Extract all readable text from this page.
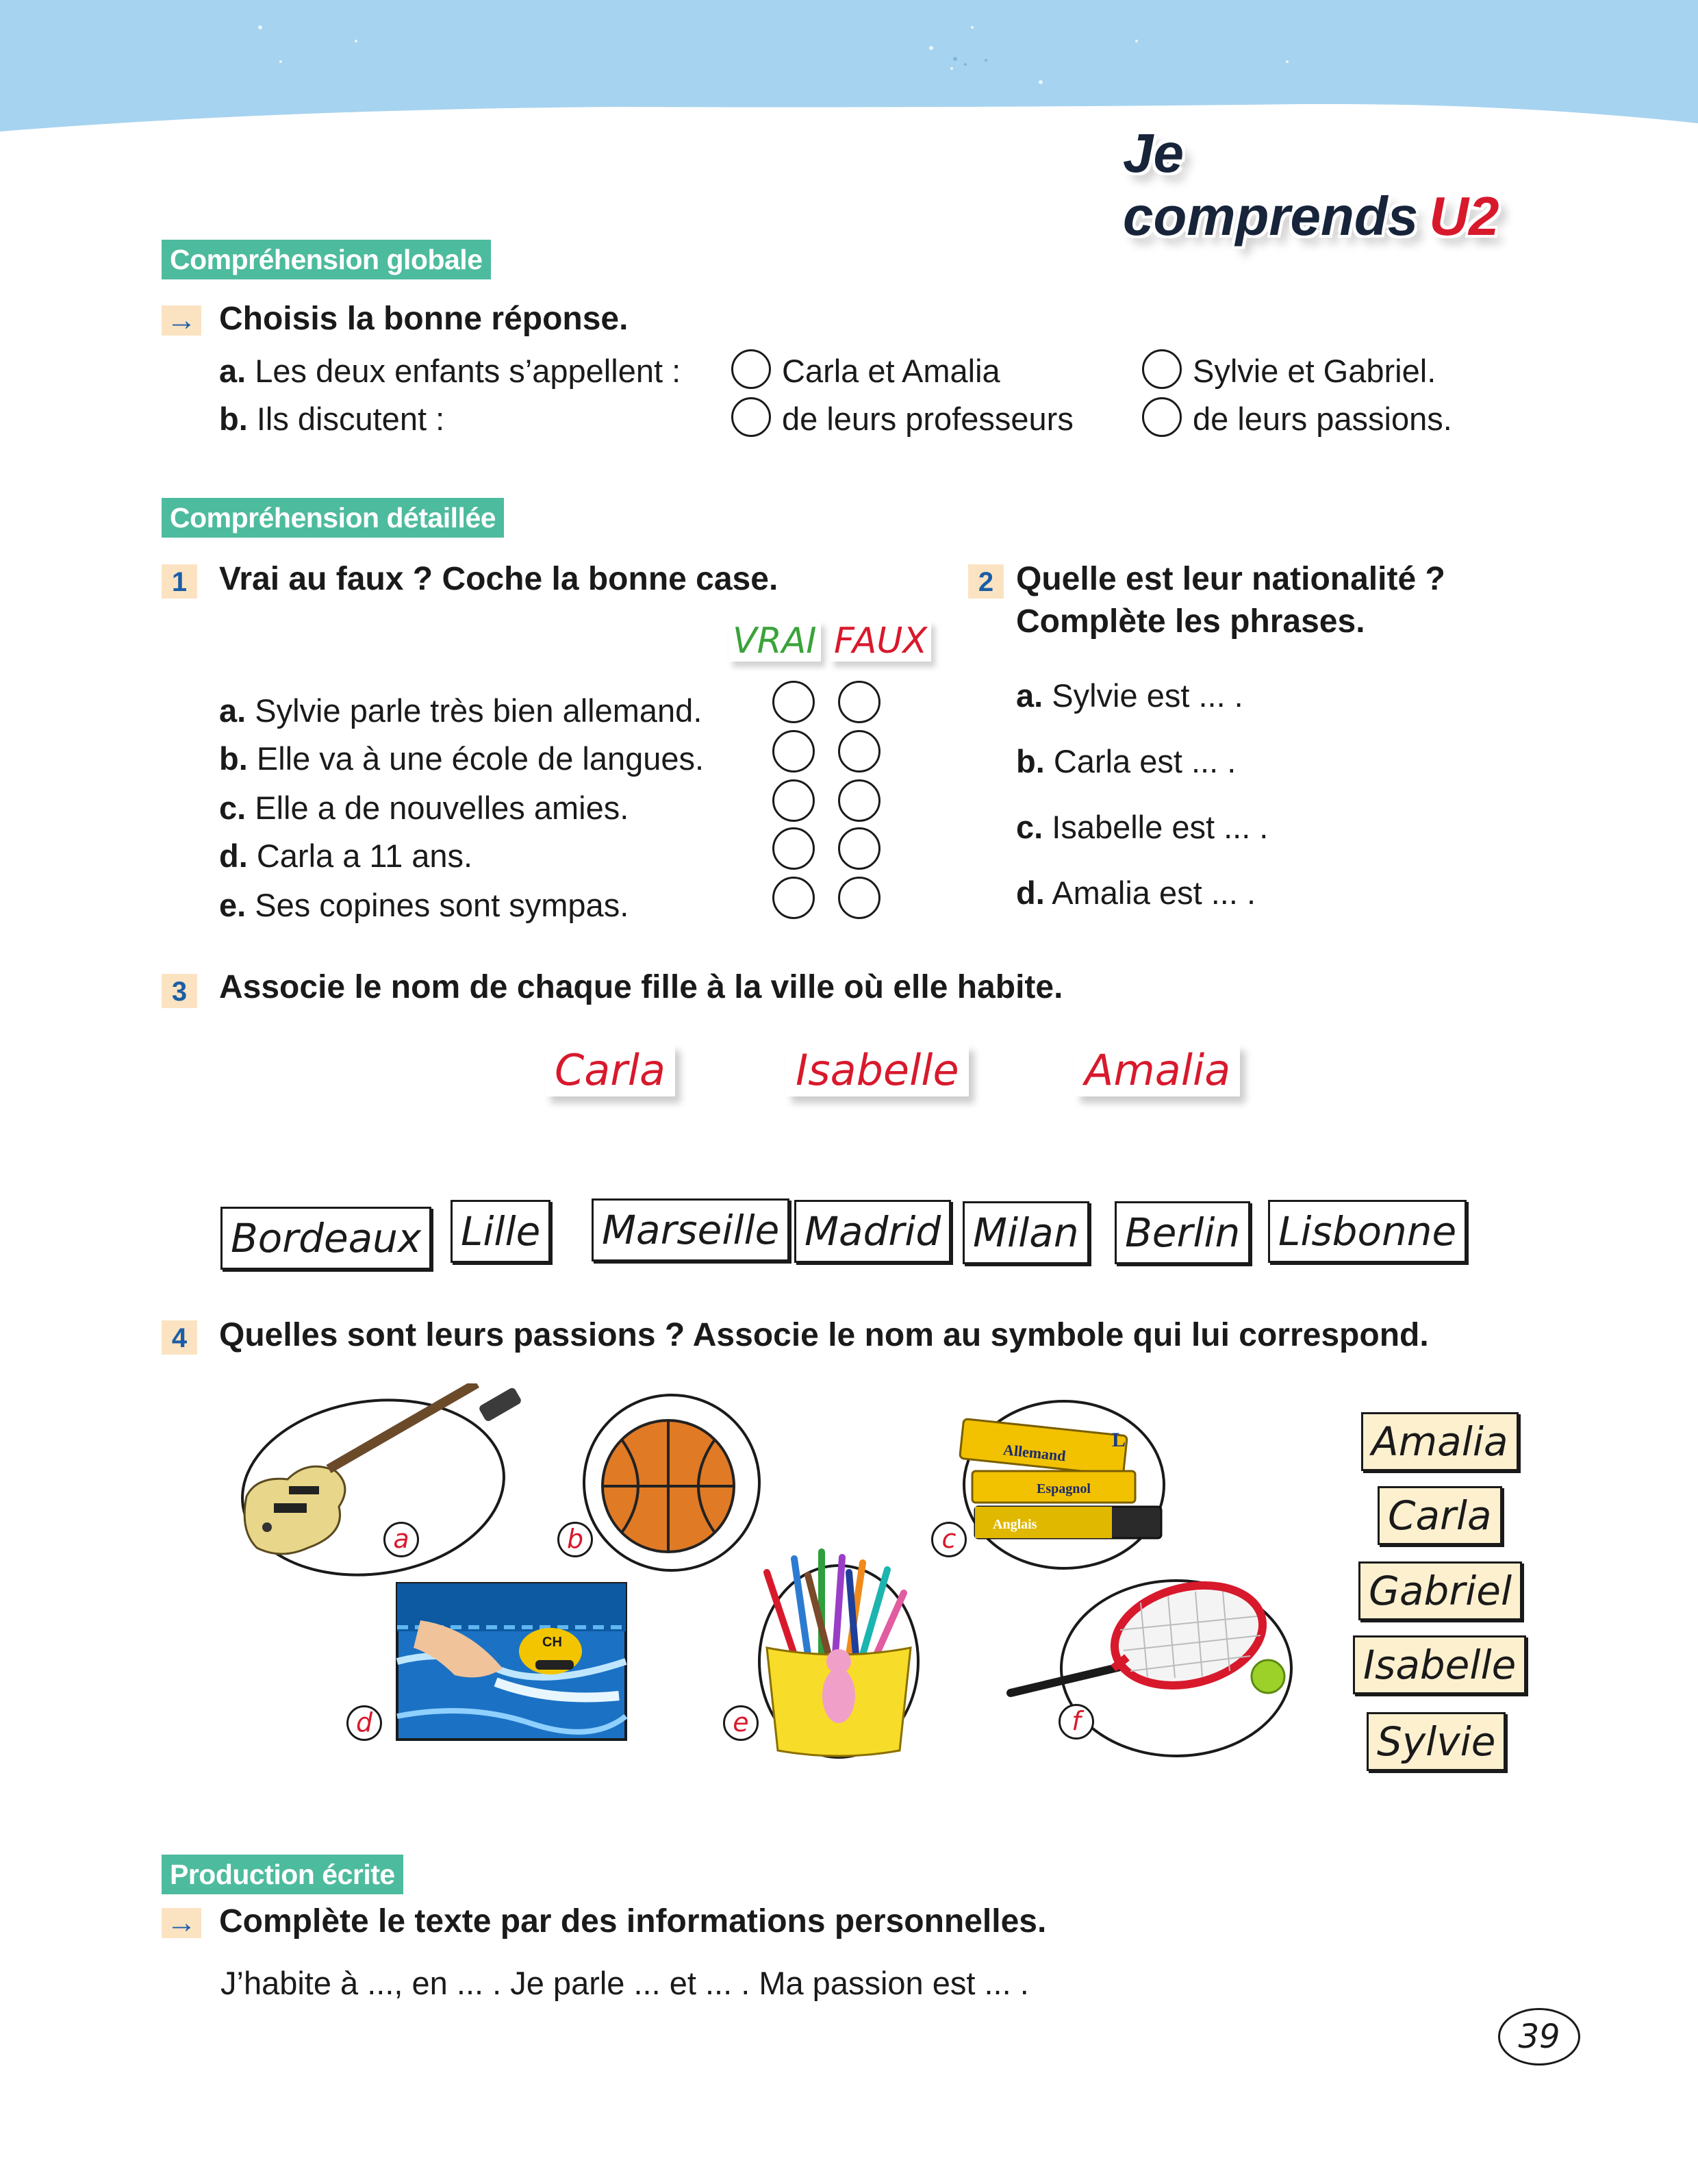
Je comprends U2
Compréhension globale
→ Choisis la bonne réponse.
a. Les deux enfants s’appellent :	Carla et Amalia	Sylvie et Gabriel.
b. Ils discutent :	de leurs professeurs	de leurs passions.
Compréhension détaillée
1 Vrai au faux ? Coche la bonne case.
VRAI FAUX
a. Sylvie parle très bien allemand.
b. Elle va à une école de langues.
c. Elle a de nouvelles amies.
d. Carla a 11 ans.
e. Ses copines sont sympas.
2 Quelle est leur nationalité ?
Complète les phrases.
a. Sylvie est ... .
b. Carla est ... .
c. Isabelle est ... .
d. Amalia est ... .
3 Associe le nom de chaque fille à la ville où elle habite.
Carla	Isabelle	Amalia
Bordeaux Lille Marseille Madrid Milan Berlin Lisbonne
4 Quelles sont leurs passions ? Associe le nom au symbole qui lui correspond.
a	b
Allemand
Espagnol
Anglais
L
c
CH
d	e	f
Amalia
Carla
Gabriel
Isabelle
Sylvie
Production écrite
→ Complète le texte par des informations personnelles.
J’habite à ..., en ... . Je parle ... et ... . Ma passion est ... .
39
